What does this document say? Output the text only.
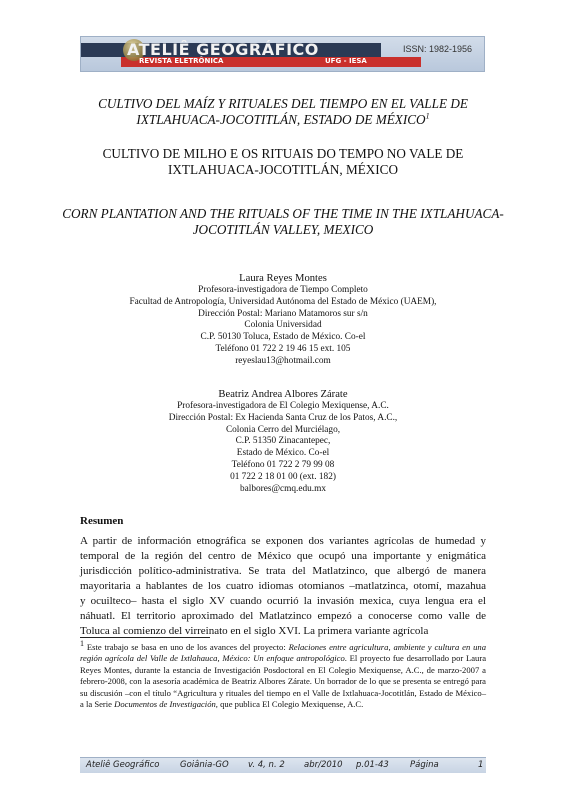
ATELIÊ GEOGRÁFICO
REVISTA ELETRÔNICA	UFG - IESA
ISSN: 1982-1956
CULTIVO DEL MAÍZ Y RITUALES DEL TIEMPO EN EL VALLE DE IXTLAHUACA-JOCOTITLÁN, ESTADO DE MÉXICO$^1$
CULTIVO DE MILHO E OS RITUAIS DO TEMPO NO VALE DE IXTLAHUACA-JOCOTITLÁN, MÉXICO
CORN PLANTATION AND THE RITUALS OF THE TIME IN THE IXTLAHUACA-JOCOTITLÁN VALLEY, MEXICO
Laura Reyes Montes
Profesora-investigadora de Tiempo Completo
Facultad de Antropología, Universidad Autónoma del Estado de México (UAEM),
Dirección Postal: Mariano Matamoros sur s/n
Colonia Universidad
C.P. 50130 Toluca, Estado de México. Co-el
Teléfono 01 722 2 19 46 15 ext. 105
reyeslau13@hotmail.com
Beatriz Andrea Albores Zárate
Profesora-investigadora de El Colegio Mexiquense, A.C.
Dirección Postal: Ex Hacienda Santa Cruz de los Patos, A.C.,
Colonia Cerro del Murciélago,
C.P. 51350 Zinacantepec,
Estado de México. Co-el
Teléfono 01 722 2 79 99 08
01 722 2 18 01 00 (ext. 182)
balbores@cmq.edu.mx
Resumen
A partir de información etnográfica se exponen dos variantes agrícolas de humedad y
temporal de la región del centro de México que ocupó una importante y enigmática
jurisdicción político-administrativa. Se trata del Matlatzinco, que albergó de manera
mayoritaria a hablantes de los cuatro idiomas otomianos –matlatzinca, otomí, mazahua
y ocuilteco– hasta el siglo XV cuando ocurrió la invasión mexica, cuya lengua era el
náhuatl. El territorio aproximado del Matlatzinco empezó a conocerse como valle de
Toluca al comienzo del virreinato en el siglo XVI. La primera variante agrícola
$^1$ Este trabajo se basa en uno de los avances del proyecto: Relaciones entre agricultura, ambiente y cultura en una región agrícola del Valle de Ixtlahauca, México: Un enfoque antropológico. El proyecto fue desarrollado por Laura Reyes Montes, durante la estancia de Investigación Posdoctoral en El Colegio Mexiquense, A.C., de marzo-2007 a febrero-2008, con la asesoría académica de Beatriz Albores Zárate. Un borrador de lo que se presenta se entregó para su discusión –con el título “Agricultura y rituales del tiempo en el Valle de Ixtlahuaca-Jocotitlán, Estado de México– a la Serie Documentos de Investigación, que publica El Colegio Mexiquense, A.C.
Ateliê Geográfico Goiânia-GO v. 4, n. 2 abr/2010 p.01-43 Página	1
